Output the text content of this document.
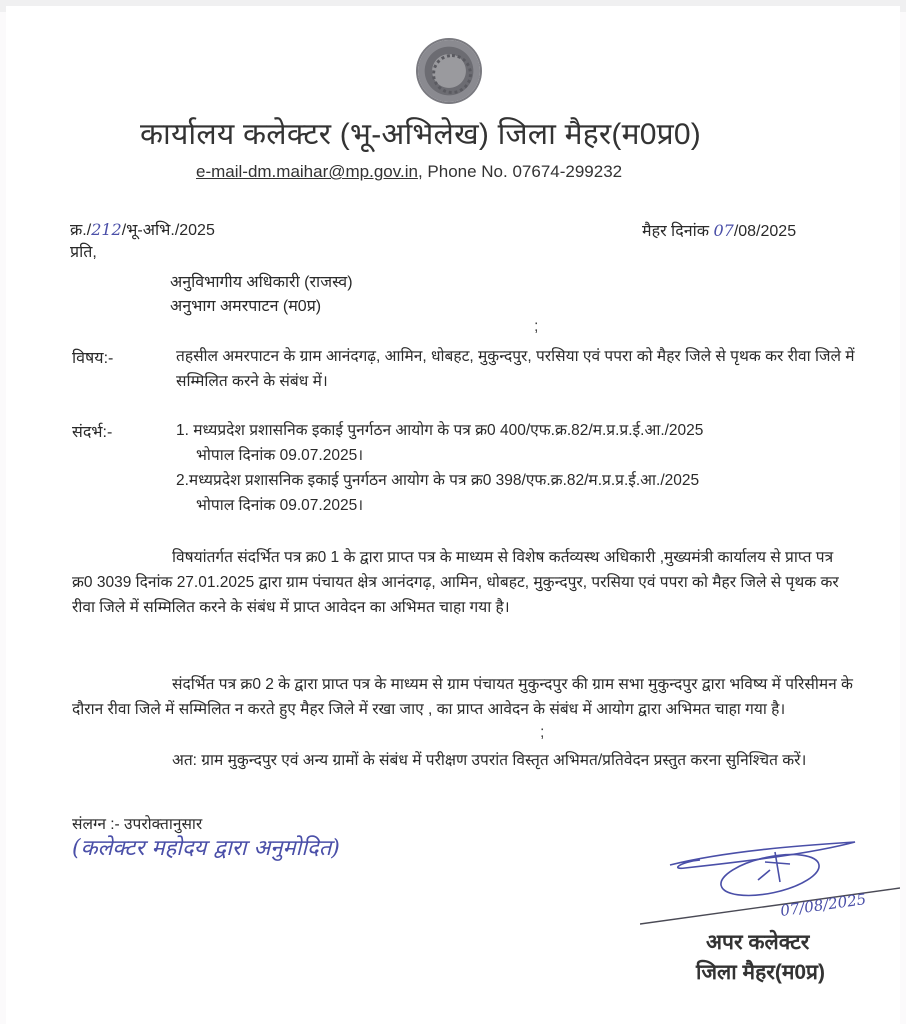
कार्यालय कलेक्टर (भू-अभिलेख) जिला मैहर(म0प्र0)
e-mail-dm.maihar@mp.gov.in, Phone No. 07674-299232
क्र./212/भू-अभि./2025	मैहर दिनांक 07/08/2025
प्रति,
अनुविभागीय अधिकारी (राजस्व)
अनुभाग अमरपाटन (म0प्र)
;
विषय:-	तहसील अमरपाटन के ग्राम आनंदगढ़, आमिन, धोबहट, मुकुन्दपुर, परसिया एवं पपरा को मैहर जिले से पृथक कर रीवा जिले में सम्मिलित करने के संबंध में।
संदर्भ:-	1. मध्यप्रदेश प्रशासनिक इकाई पुनर्गठन आयोग के पत्र क्र0 400/एफ.क्र.82/म.प्र.प्र.ई.आ./2025
भोपाल दिनांक 09.07.2025।

2.मध्यप्रदेश प्रशासनिक इकाई पुनर्गठन आयोग के पत्र क्र0 398/एफ.क्र.82/म.प्र.प्र.ई.आ./2025
भोपाल दिनांक 09.07.2025।

विषयांतर्गत संदर्भित पत्र क्र0 1 के द्वारा प्राप्त पत्र के माध्यम से विशेष कर्तव्यस्थ अधिकारी ,मुख्यमंत्री कार्यालय से प्राप्त पत्र क्र0 3039 दिनांक 27.01.2025 द्वारा ग्राम पंचायत क्षेत्र आनंदगढ़, आमिन, धोबहट, मुकुन्दपुर, परसिया एवं पपरा को मैहर जिले से पृथक कर रीवा जिले में सम्मिलित करने के संबंध में प्राप्त आवेदन का अभिमत चाहा गया है।
संदर्भित पत्र क्र0 2 के द्वारा प्राप्त पत्र के माध्यम से ग्राम पंचायत मुकुन्दपुर की ग्राम सभा मुकुन्दपुर द्वारा भविष्य में परिसीमन के दौरान रीवा जिले में सम्मिलित न करते हुए मैहर जिले में रखा जाए , का प्राप्त आवेदन के संबंध में आयोग द्वारा अभिमत चाहा गया है।
;
अत: ग्राम मुकुन्दपुर एवं अन्य ग्रामों के संबंध में परीक्षण उपरांत विस्तृत अभिमत/प्रतिवेदन प्रस्तुत करना सुनिश्चित करें।
संलग्न :- उपरोक्तानुसार
(कलेक्टर महोदय द्वारा अनुमोदित)
07/08/2025
अपर कलेक्टर
जिला मैहर(म0प्र)
